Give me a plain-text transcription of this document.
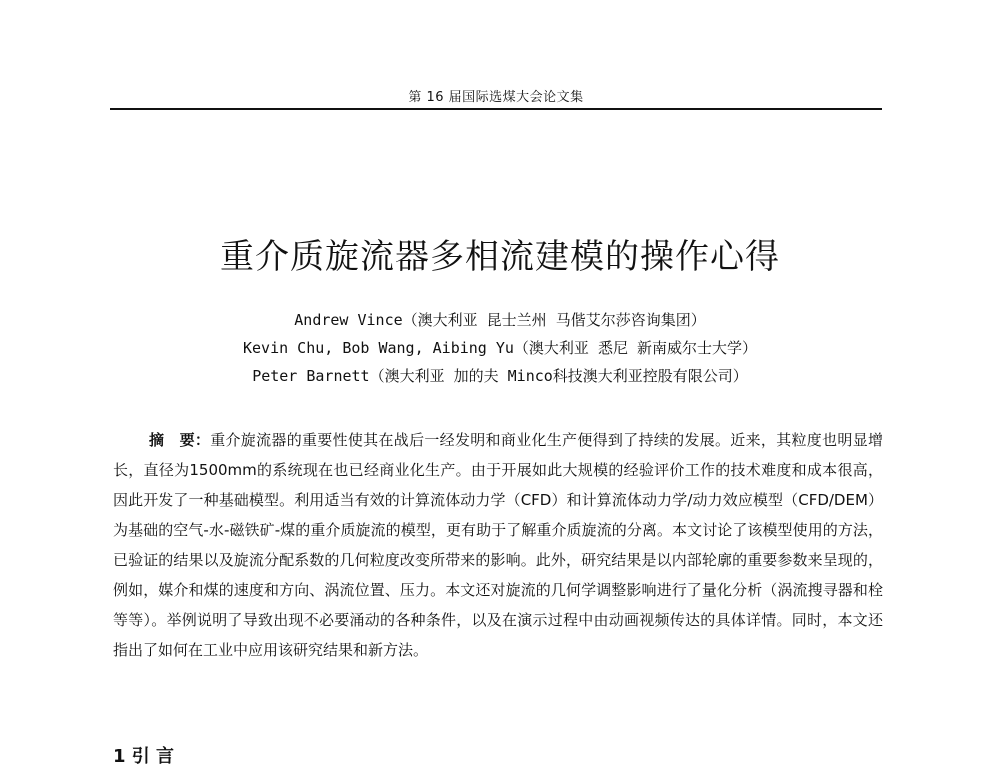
第 16 届国际选煤大会论文集
重介质旋流器多相流建模的操作心得
Andrew Vince（澳大利亚 昆士兰州 马偕艾尔莎咨询集团）
Kevin Chu, Bob Wang, Aibing Yu（澳大利亚 悉尼 新南威尔士大学）
Peter Barnett（澳大利亚 加的夫 Minco科技澳大利亚控股有限公司）
摘　要：重介旋流器的重要性使其在战后一经发明和商业化生产便得到了持续的发展。近来，其粒度也明显增长，直径为1500mm的系统现在也已经商业化生产。由于开展如此大规模的经验评价工作的技术难度和成本很高，因此开发了一种基础模型。利用适当有效的计算流体动力学（CFD）和计算流体动力学/动力效应模型（CFD/DEM）为基础的空气-水-磁铁矿-煤的重介质旋流的模型，更有助于了解重介质旋流的分离。本文讨论了该模型使用的方法，已验证的结果以及旋流分配系数的几何粒度改变所带来的影响。此外，研究结果是以内部轮廓的重要参数来呈现的，例如，媒介和煤的速度和方向、涡流位置、压力。本文还对旋流的几何学调整影响进行了量化分析（涡流搜寻器和栓等等）。举例说明了导致出现不必要涌动的各种条件，以及在演示过程中由动画视频传达的具体详情。同时，本文还指出了如何在工业中应用该研究结果和新方法。
1 引 言
